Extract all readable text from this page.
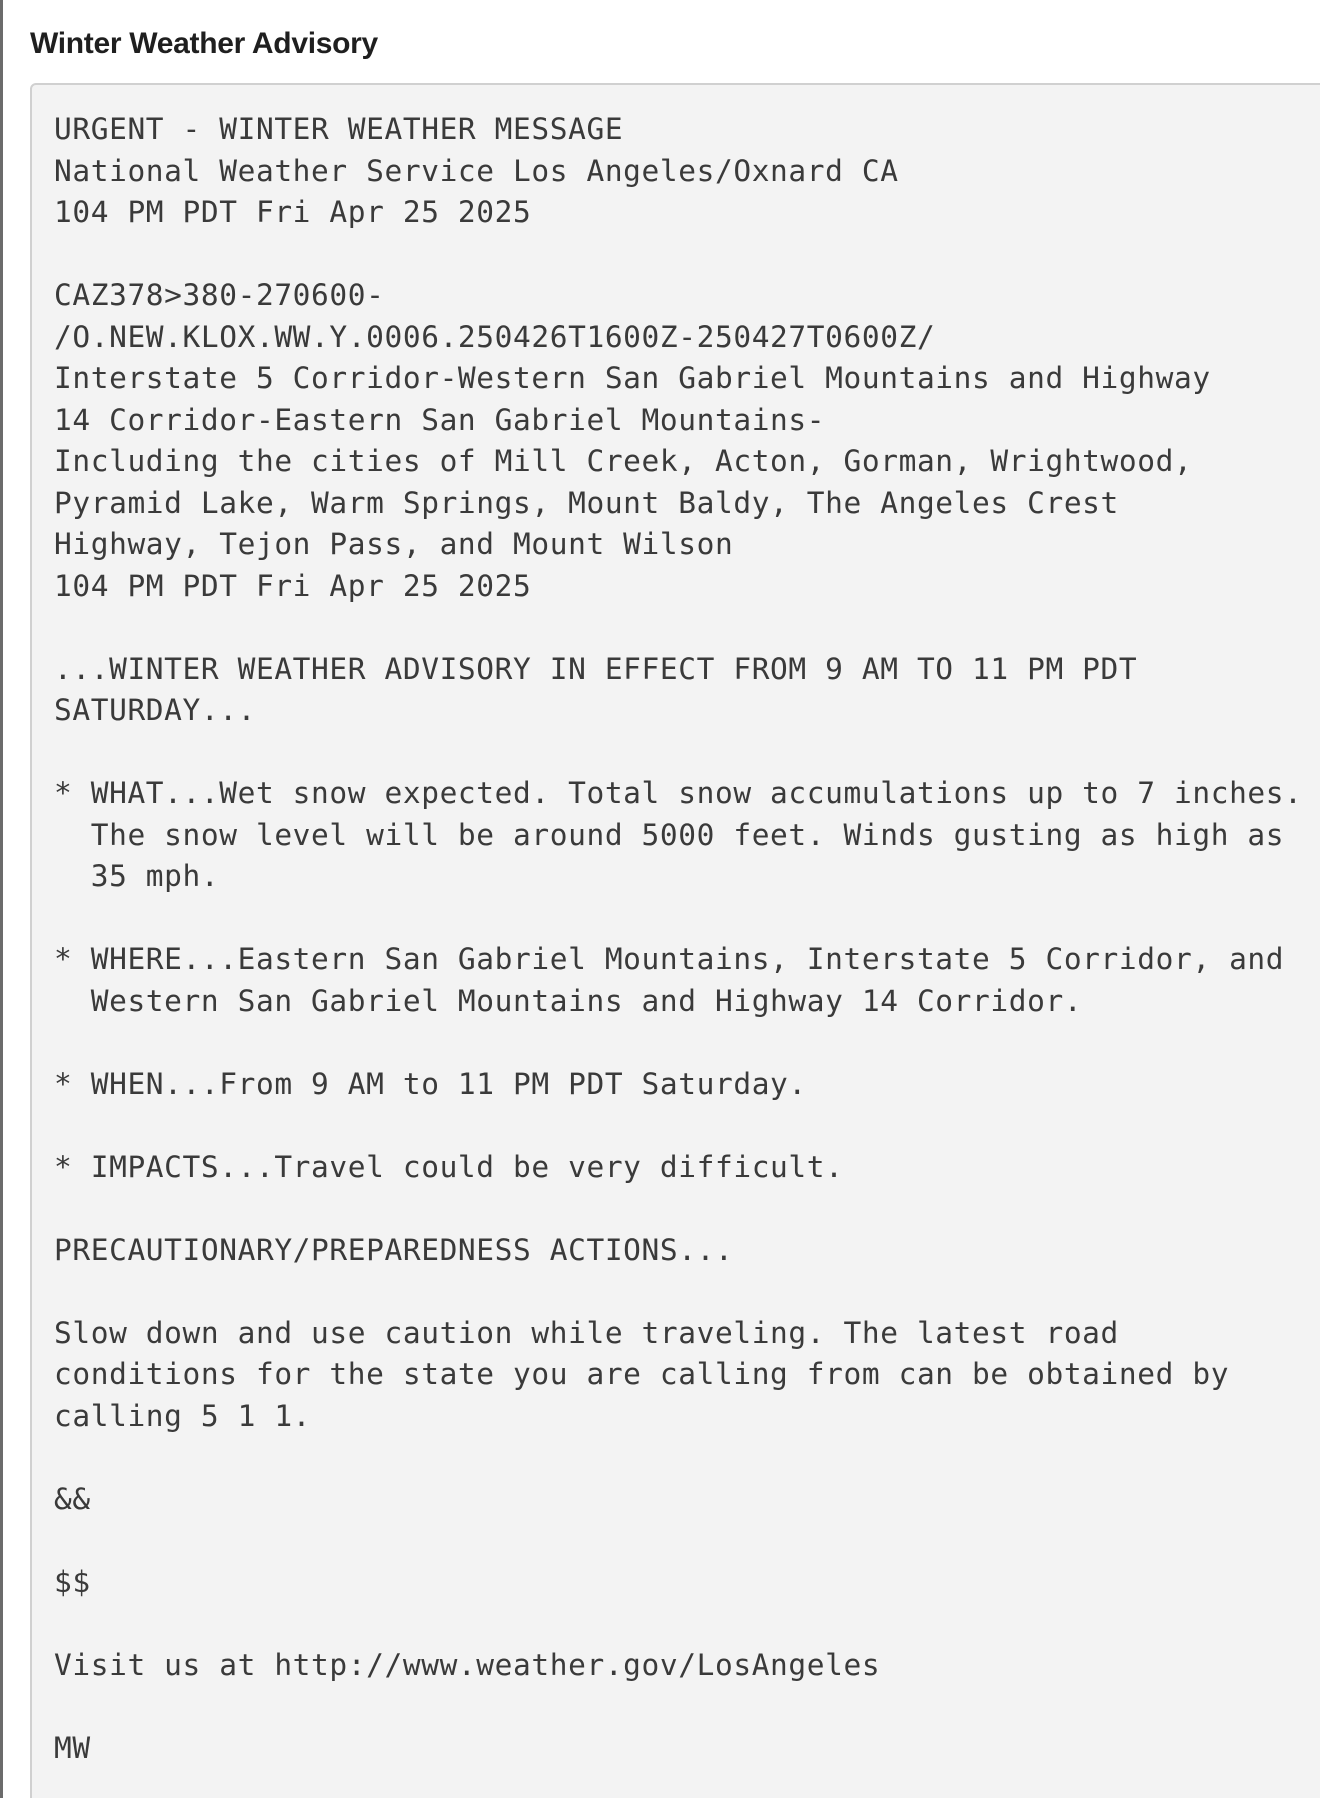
Winter Weather Advisory
URGENT - WINTER WEATHER MESSAGE
National Weather Service Los Angeles/Oxnard CA
104 PM PDT Fri Apr 25 2025

CAZ378>380-270600-
/O.NEW.KLOX.WW.Y.0006.250426T1600Z-250427T0600Z/
Interstate 5 Corridor-Western San Gabriel Mountains and Highway
14 Corridor-Eastern San Gabriel Mountains-
Including the cities of Mill Creek, Acton, Gorman, Wrightwood,
Pyramid Lake, Warm Springs, Mount Baldy, The Angeles Crest
Highway, Tejon Pass, and Mount Wilson
104 PM PDT Fri Apr 25 2025

...WINTER WEATHER ADVISORY IN EFFECT FROM 9 AM TO 11 PM PDT
SATURDAY...

* WHAT...Wet snow expected. Total snow accumulations up to 7 inches.
The snow level will be around 5000 feet. Winds gusting as high as
35 mph.

* WHERE...Eastern San Gabriel Mountains, Interstate 5 Corridor, and
Western San Gabriel Mountains and Highway 14 Corridor.

* WHEN...From 9 AM to 11 PM PDT Saturday.

* IMPACTS...Travel could be very difficult.

PRECAUTIONARY/PREPAREDNESS ACTIONS...

Slow down and use caution while traveling. The latest road
conditions for the state you are calling from can be obtained by
calling 5 1 1.

&&

$$

Visit us at http://www.weather.gov/LosAngeles

MW
